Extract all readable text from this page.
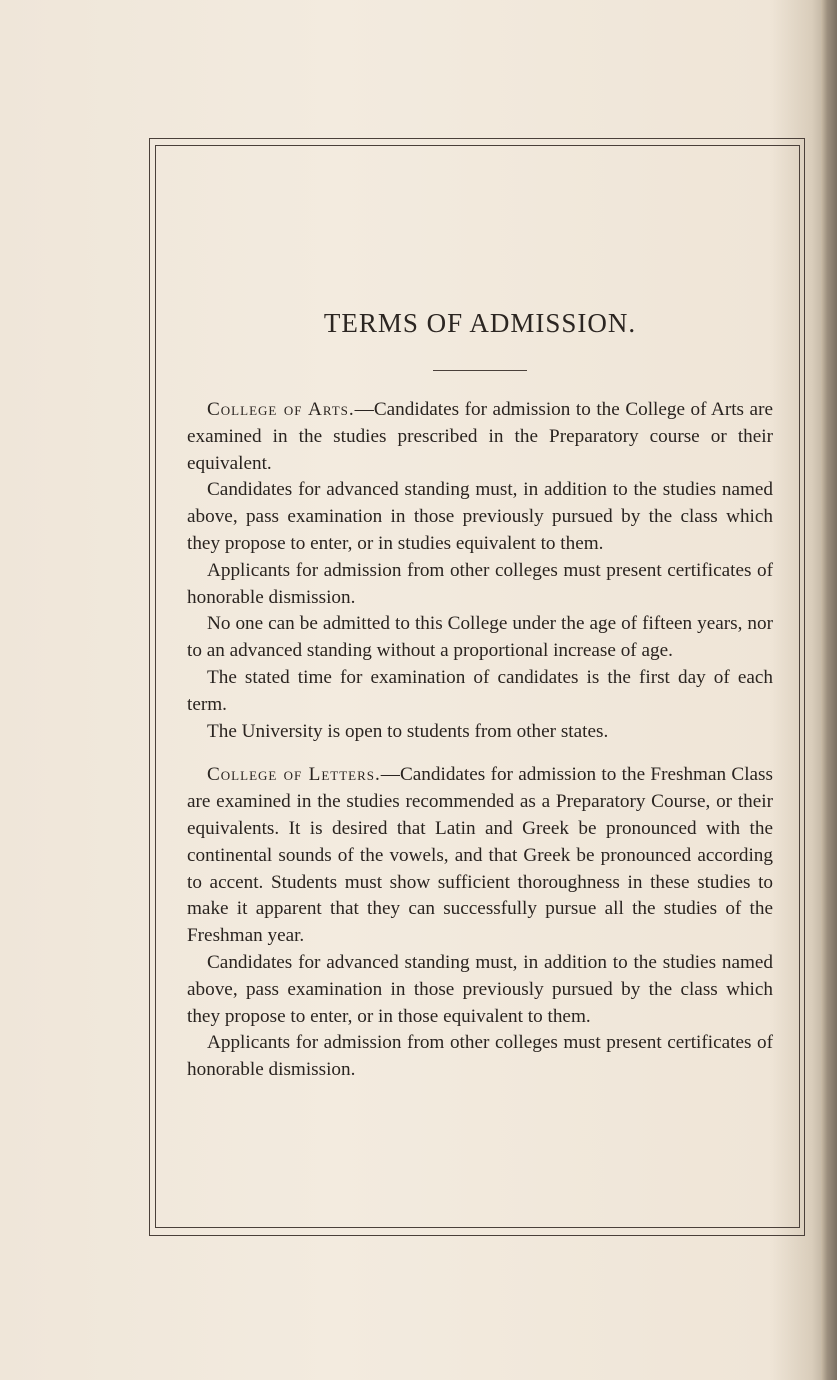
TERMS OF ADMISSION.

College of Arts.—Candidates for admission to the College of Arts are examined in the studies prescribed in the Preparatory course or their equivalent.

Candidates for advanced standing must, in addition to the studies named above, pass examination in those previously pursued by the class which they propose to enter, or in studies equivalent to them.

Applicants for admission from other colleges must present certificates of honorable dismission.

No one can be admitted to this College under the age of fifteen years, nor to an advanced standing without a proportional increase of age.

The stated time for examination of candidates is the first day of each term.

The University is open to students from other states.

College of Letters.—Candidates for admission to the Freshman Class are examined in the studies recommended as a Preparatory Course, or their equivalents. It is desired that Latin and Greek be pronounced with the continental sounds of the vowels, and that Greek be pronounced according to accent. Students must show sufficient thoroughness in these studies to make it apparent that they can successfully pursue all the studies of the Freshman year.

Candidates for advanced standing must, in addition to the studies named above, pass examination in those previously pursued by the class which they propose to enter, or in those equivalent to them.

Applicants for admission from other colleges must present certificates of honorable dismission.
